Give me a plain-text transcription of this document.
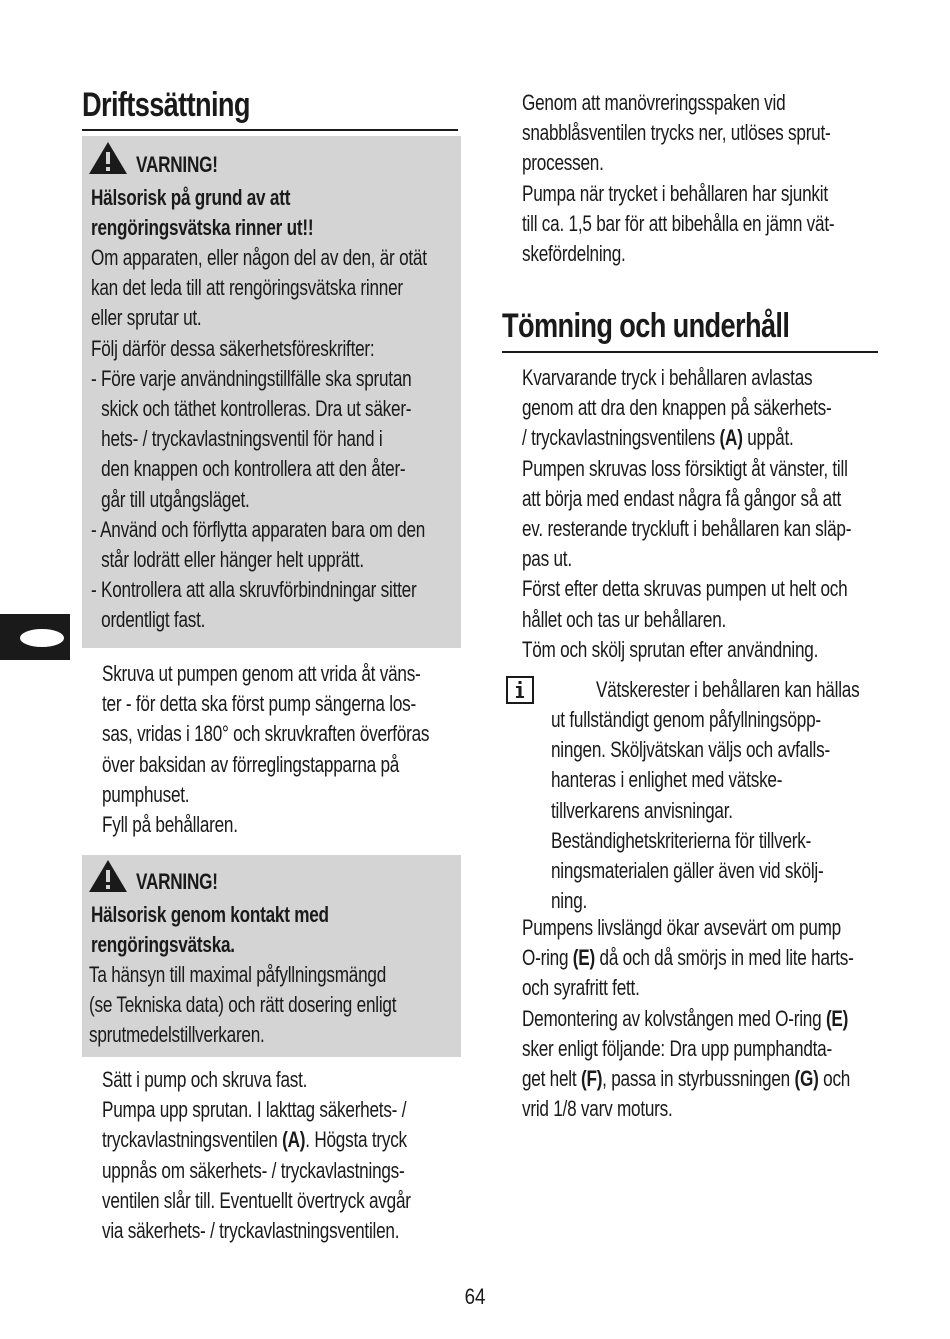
Driftssättning
VARNING!
Hälsorisk på grund av att
rengöringsvätska rinner ut!!
Om apparaten, eller någon del av den, är otät
kan det leda till att rengöringsvätska rinner
eller sprutar ut.
Följ därför dessa säkerhetsföreskrifter:
- Före varje användningstillfälle ska sprutan
skick och täthet kontrolleras. Dra ut säker-
hets- / tryckavlastningsventil för hand i
den knappen och kontrollera att den åter-
går till utgångsläget.
- Använd och förflytta apparaten bara om den
står lodrätt eller hänger helt upprätt.
- Kontrollera att alla skruvförbindningar sitter
ordentligt fast.
Skruva ut pumpen genom att vrida åt väns-
ter - för detta ska först pump sängerna los-
sas, vridas i 180° och skruvkraften överföras
över baksidan av förreglingstapparna på
pumphuset.
Fyll på behållaren.
VARNING!
Hälsorisk genom kontakt med
rengöringsvätska.
Ta hänsyn till maximal påfyllningsmängd
(se Tekniska data) och rätt dosering enligt
sprutmedelstillverkaren.
Sätt i pump och skruva fast.
Pumpa upp sprutan. I lakttag säkerhets- /
tryckavlastningsventilen (A). Högsta tryck
uppnås om säkerhets- / tryckavlastnings-
ventilen slår till. Eventuellt övertryck avgår
via säkerhets- / tryckavlastningsventilen.
Genom att manövreringsspaken vid
snabblåsventilen trycks ner, utlöses sprut-
processen.
Pumpa när trycket i behållaren har sjunkit
till ca. 1,5 bar för att bibehålla en jämn vät-
skefördelning.
Tömning och underhåll
Kvarvarande tryck i behållaren avlastas
genom att dra den knappen på säkerhets-
/ tryckavlastningsventilens (A) uppåt.
Pumpen skruvas loss försiktigt åt vänster, till
att börja med endast några få gångor så att
ev. resterande tryckluft i behållaren kan släp-
pas ut.
Först efter detta skruvas pumpen ut helt och
hållet och tas ur behållaren.
Töm och skölj sprutan efter användning.
Vätskerester i behållaren kan hällas
ut fullständigt genom påfyllningsöpp-
ningen. Sköljvätskan väljs och avfalls-
hanteras i enlighet med vätske-
tillverkarens anvisningar.
Beständighetskriterierna för tillverk-
ningsmaterialen gäller även vid skölj-
ning.
Pumpens livslängd ökar avsevärt om pump
O-ring (E) då och då smörjs in med lite harts-
och syrafritt fett.
Demontering av kolvstången med O-ring (E)
sker enligt följande: Dra upp pumphandta-
get helt (F), passa in styrbussningen (G) och
vrid 1/8 varv moturs.
64
